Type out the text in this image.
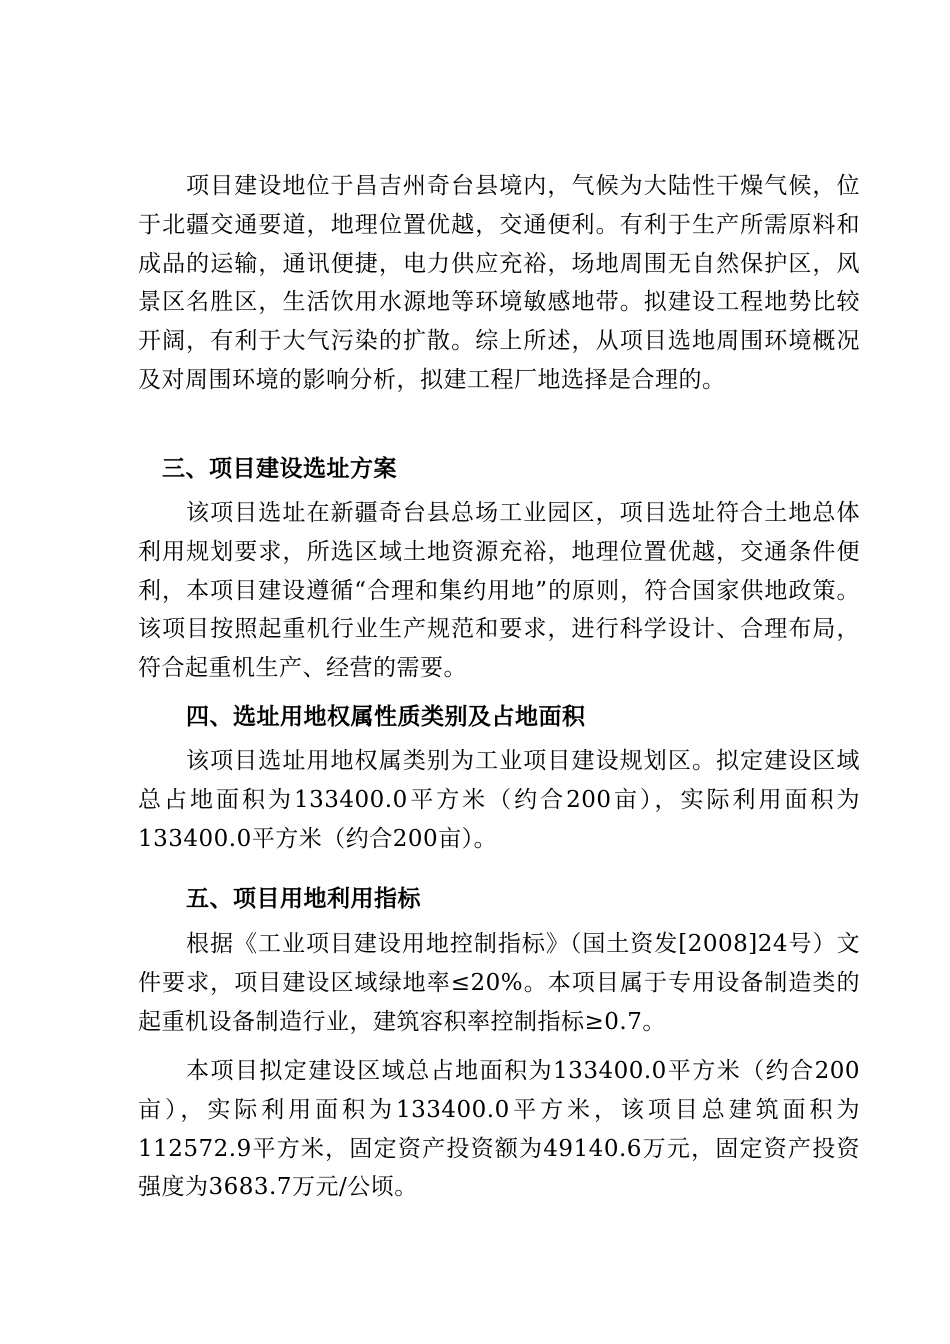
项目建设地位于昌吉州奇台县境内，气候为大陆性干燥气候，位于北疆交通要道，地理位置优越，交通便利。有利于生产所需原料和成品的运输，通讯便捷，电力供应充裕，场地周围无自然保护区，风景区名胜区，生活饮用水源地等环境敏感地带。拟建设工程地势比较开阔，有利于大气污染的扩散。综上所述，从项目选地周围环境概况及对周围环境的影响分析，拟建工程厂地选择是合理的。

三、项目建设选址方案

该项目选址在新疆奇台县总场工业园区，项目选址符合土地总体利用规划要求，所选区域土地资源充裕，地理位置优越，交通条件便利，本项目建设遵循“合理和集约用地”的原则，符合国家供地政策。该项目按照起重机行业生产规范和要求，进行科学设计、合理布局，符合起重机生产、经营的需要。

四、选址用地权属性质类别及占地面积

该项目选址用地权属类别为工业项目建设规划区。拟定建设区域总占地面积为133400.0平方米（约合200亩），实际利用面积为133400.0平方米（约合200亩）。

五、项目用地利用指标

根据《工业项目建设用地控制指标》（国土资发[2008]24号）文件要求，项目建设区域绿地率≤20%。本项目属于专用设备制造类的起重机设备制造行业，建筑容积率控制指标≥0.7。

本项目拟定建设区域总占地面积为133400.0平方米（约合200亩），实际利用面积为133400.0平方米，该项目总建筑面积为112572.9平方米，固定资产投资额为49140.6万元，固定资产投资强度为3683.7万元/公顷。
